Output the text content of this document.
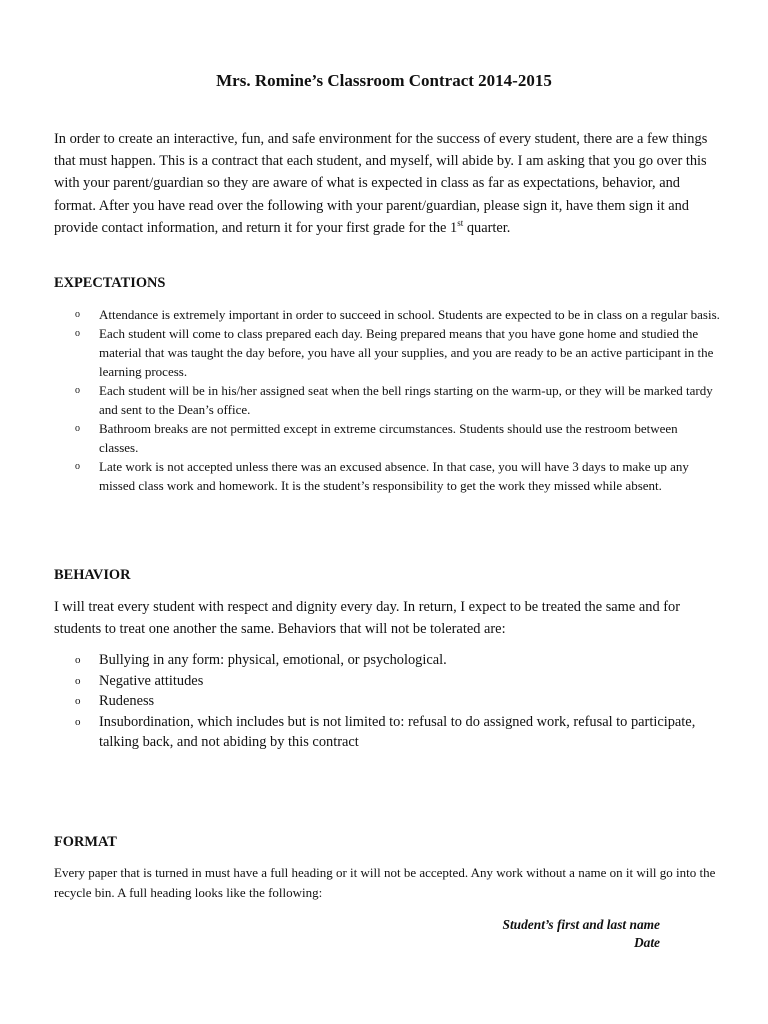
Mrs. Romine’s Classroom Contract 2014-2015

In order to create an interactive, fun, and safe environment for the success of every student, there are a few things that must happen. This is a contract that each student, and myself, will abide by. I am asking that you go over this with your parent/guardian so they are aware of what is expected in class as far as expectations, behavior, and format. After you have read over the following with your parent/guardian, please sign it, have them sign it and provide contact information, and return it for your first grade for the 1st quarter.

EXPECTATIONS
o Attendance is extremely important in order to succeed in school. Students are expected to be in class on a regular basis.
o Each student will come to class prepared each day. Being prepared means that you have gone home and studied the material that was taught the day before, you have all your supplies, and you are ready to be an active participant in the learning process.
o Each student will be in his/her assigned seat when the bell rings starting on the warm-up, or they will be marked tardy and sent to the Dean’s office.
o Bathroom breaks are not permitted except in extreme circumstances. Students should use the restroom between classes.
o Late work is not accepted unless there was an excused absence. In that case, you will have 3 days to make up any missed class work and homework. It is the student’s responsibility to get the work they missed while absent.
BEHAVIOR

I will treat every student with respect and dignity every day. In return, I expect to be treated the same and for students to treat one another the same. Behaviors that will not be tolerated are:

o Bullying in any form: physical, emotional, or psychological.
o Negative attitudes
o Rudeness
o Insubordination, which includes but is not limited to: refusal to do assigned work, refusal to participate, talking back, and not abiding by this contract
FORMAT

Every paper that is turned in must have a full heading or it will not be accepted. Any work without a name on it will go into the recycle bin. A full heading looks like the following:

Student’s first and last name
Date
